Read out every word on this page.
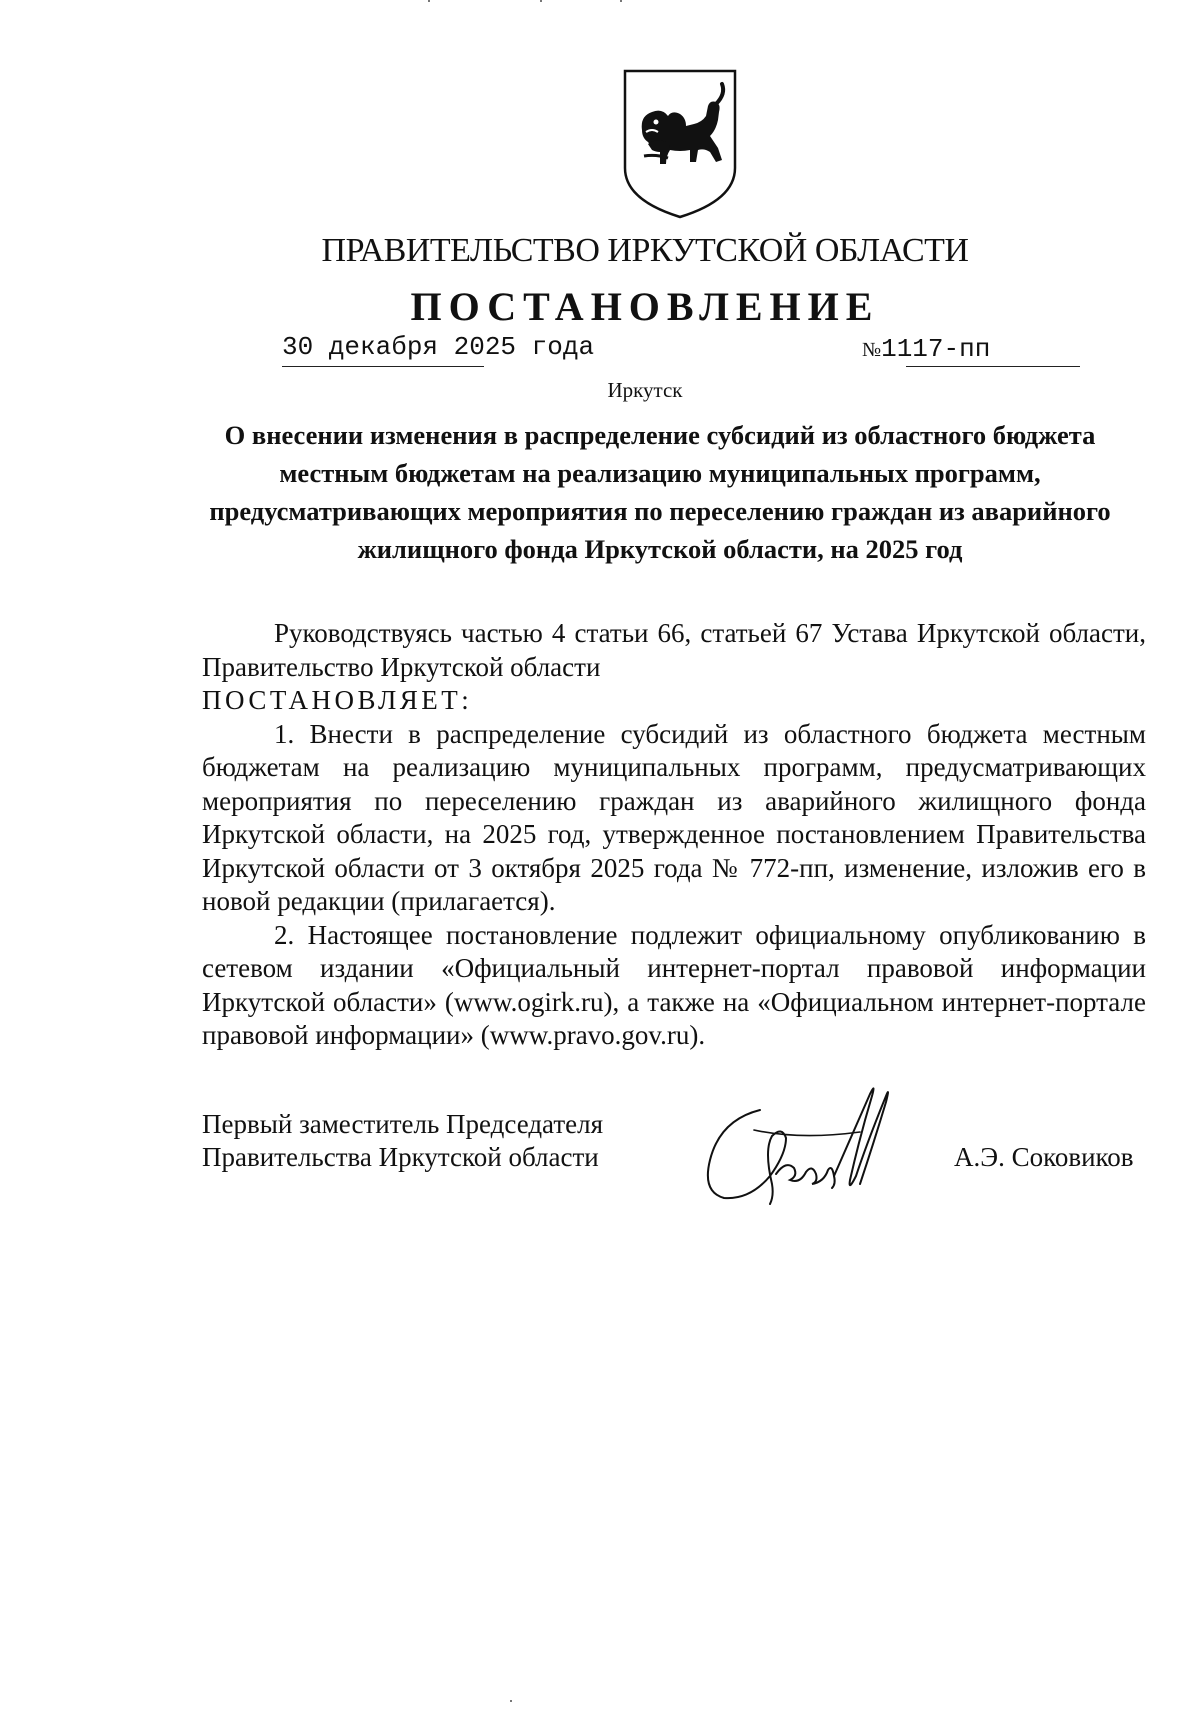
ПРАВИТЕЛЬСТВО ИРКУТСКОЙ ОБЛАСТИ
ПОСТАНОВЛЕНИЕ
30 декабря 2025 года	№1117-пп
Иркутск

О внесении изменения в распределение субсидий из областного бюджета местным бюджетам на реализацию муниципальных программ, предусматривающих мероприятия по переселению граждан из аварийного жилищного фонда Иркутской области, на 2025 год

Руководствуясь частью 4 статьи 66, статьей 67 Устава Иркутской области, Правительство Иркутской области

ПОСТАНОВЛЯЕТ:

1. Внести в распределение субсидий из областного бюджета местным бюджетам на реализацию муниципальных программ, предусматривающих мероприятия по переселению граждан из аварийного жилищного фонда Иркутской области, на 2025 год, утвержденное постановлением Правительства Иркутской области от 3 октября 2025 года № 772-пп, изменение, изложив его в новой редакции (прилагается).

2. Настоящее постановление подлежит официальному опубликованию в сетевом издании «Официальный интернет-портал правовой информации Иркутской области» (www.ogirk.ru), а также на «Официальном интернет-портале правовой информации» (www.pravo.gov.ru).

Первый заместитель Председателя
Правительства Иркутской области	А.Э. Соковиков
